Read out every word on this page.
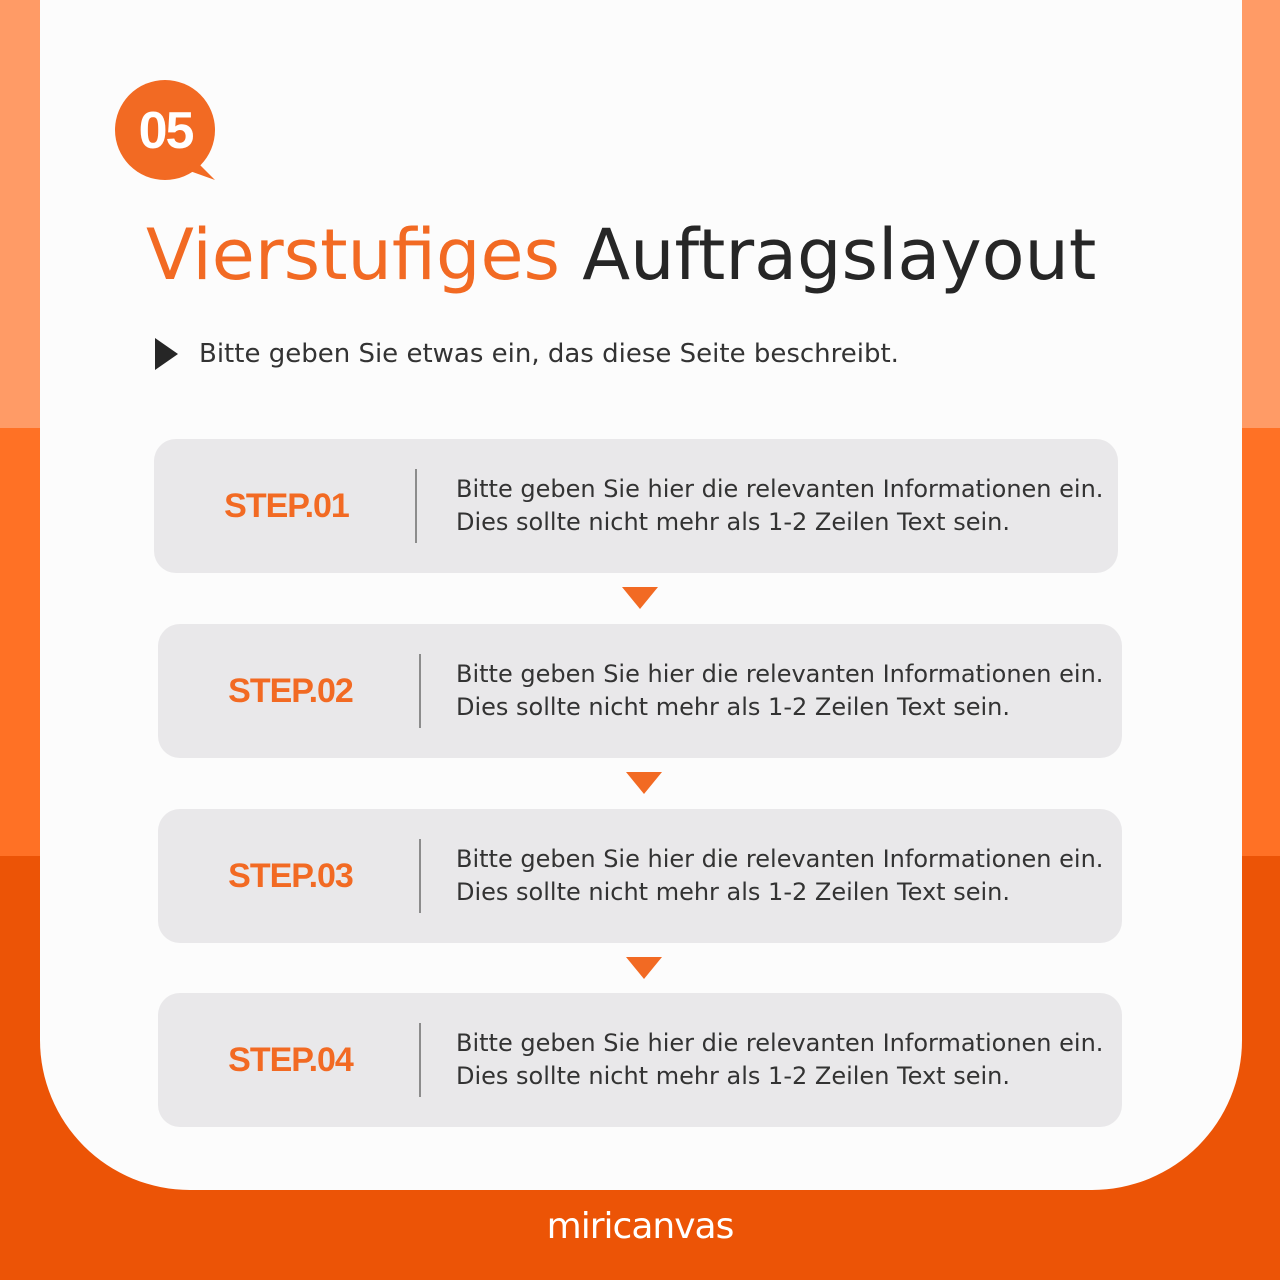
05
Vierstufiges Auftragslayout
Bitte geben Sie etwas ein, das diese Seite beschreibt.
STEP.01	Bitte geben Sie hier die relevanten Informationen ein.
Dies sollte nicht mehr als 1-2 Zeilen Text sein.
STEP.02	Bitte geben Sie hier die relevanten Informationen ein.
Dies sollte nicht mehr als 1-2 Zeilen Text sein.
STEP.03	Bitte geben Sie hier die relevanten Informationen ein.
Dies sollte nicht mehr als 1-2 Zeilen Text sein.
STEP.04	Bitte geben Sie hier die relevanten Informationen ein.
Dies sollte nicht mehr als 1-2 Zeilen Text sein.
miricanvas
